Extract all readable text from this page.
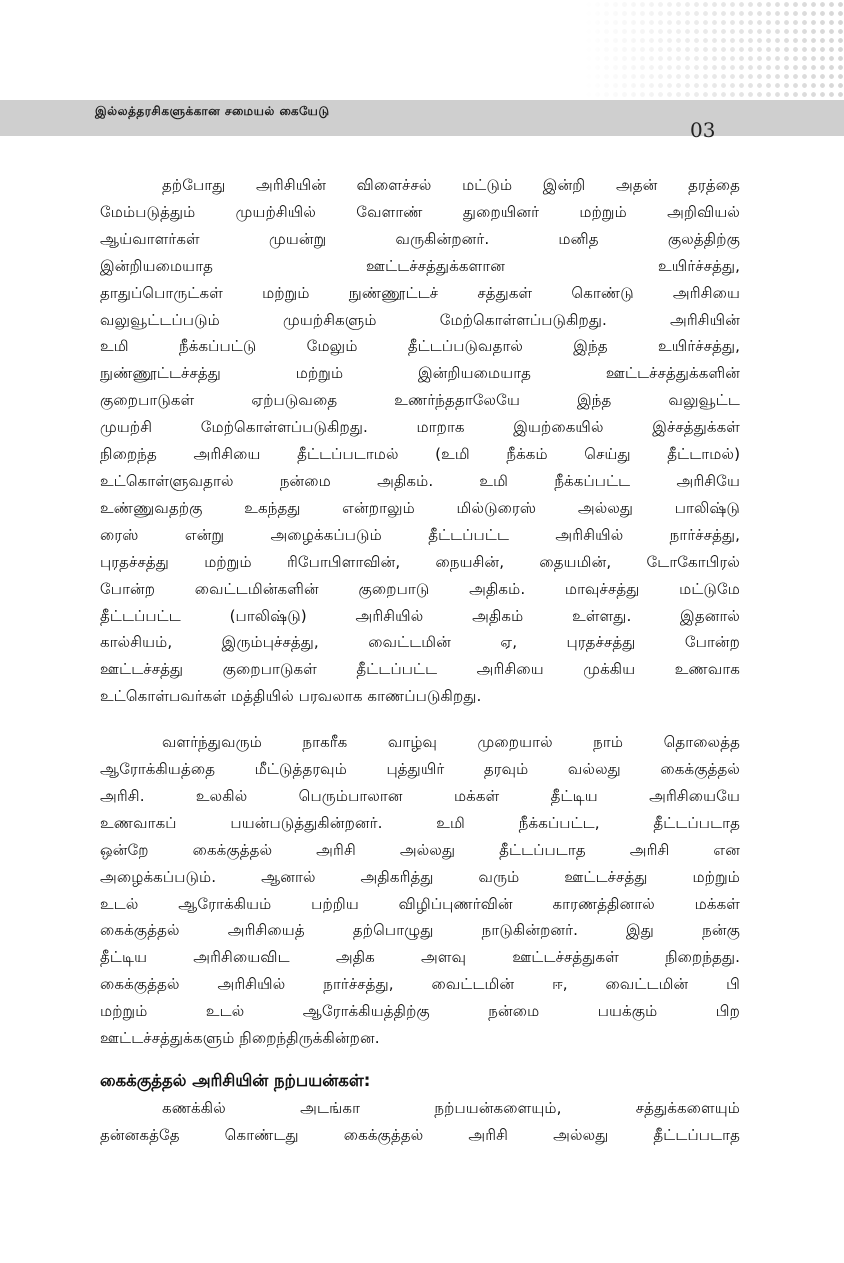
இல்லத்தரசிகளுக்கான சமையல் கையேடு
03

தற்போது அரிசியின் விளைச்சல் மட்டும் இன்றி அதன் தரத்தை

மேம்படுத்தும் முயற்சியில் வேளாண் துறையினர் மற்றும் அறிவியல்

ஆய்வாளர்கள் முயன்று வருகின்றனர். மனித குலத்திற்கு

இன்றியமையாத ஊட்டச்சத்துக்களான உயிர்ச்சத்து,

தாதுப்பொருட்கள் மற்றும் நுண்ணூட்டச் சத்துகள் கொண்டு அரிசியை

வலுவூட்டப்படும் முயற்சிகளும் மேற்கொள்ளப்படுகிறது. அரிசியின்

உமி நீக்கப்பட்டு மேலும் தீட்டப்படுவதால் இந்த உயிர்ச்சத்து,

நுண்ணூட்டச்சத்து மற்றும் இன்றியமையாத ஊட்டச்சத்துக்களின்

குறைபாடுகள் ஏற்படுவதை உணர்ந்ததாலேயே இந்த வலுவூட்ட

முயற்சி மேற்கொள்ளப்படுகிறது. மாறாக இயற்கையில் இச்சத்துக்கள்

நிறைந்த அரிசியை தீட்டப்படாமல் (உமி நீக்கம் செய்து தீட்டாமல்)

உட்கொள்ளுவதால் நன்மை அதிகம். உமி நீக்கப்பட்ட அரிசியே

உண்ணுவதற்கு உகந்தது என்றாலும் மில்டுரைஸ் அல்லது பாலிஷ்டு

ரைஸ் என்று அழைக்கப்படும் தீட்டப்பட்ட அரிசியில் நார்ச்சத்து,

புரதச்சத்து மற்றும் ரிபோபிளாவின், நையசின், தையமின், டோகோபிரல்

போன்ற வைட்டமின்களின் குறைபாடு அதிகம். மாவுச்சத்து மட்டுமே

தீட்டப்பட்ட (பாலிஷ்டு) அரிசியில் அதிகம் உள்ளது. இதனால்

கால்சியம், இரும்புச்சத்து, வைட்டமின் ஏ, புரதச்சத்து போன்ற

ஊட்டச்சத்து குறைபாடுகள் தீட்டப்பட்ட அரிசியை முக்கிய உணவாக

உட்கொள்பவர்கள் மத்தியில் பரவலாக காணப்படுகிறது.

வளர்ந்துவரும் நாகரீக வாழ்வு முறையால் நாம் தொலைத்த

ஆரோக்கியத்தை மீட்டுத்தரவும் புத்துயிர் தரவும் வல்லது கைக்குத்தல்

அரிசி. உலகில் பெரும்பாலான மக்கள் தீட்டிய அரிசியையே

உணவாகப் பயன்படுத்துகின்றனர். உமி நீக்கப்பட்ட, தீட்டப்படாத

ஒன்றே கைக்குத்தல் அரிசி அல்லது தீட்டப்படாத அரிசி என

அழைக்கப்படும். ஆனால் அதிகரித்து வரும் ஊட்டச்சத்து மற்றும்

உடல் ஆரோக்கியம் பற்றிய விழிப்புணர்வின் காரணத்தினால் மக்கள்

கைக்குத்தல் அரிசியைத் தற்பொழுது நாடுகின்றனர். இது நன்கு

தீட்டிய அரிசியைவிட அதிக அளவு ஊட்டச்சத்துகள் நிறைந்தது.

கைக்குத்தல் அரிசியில் நார்ச்சத்து, வைட்டமின் ஈ, வைட்டமின் பி

மற்றும் உடல் ஆரோக்கியத்திற்கு நன்மை பயக்கும் பிற

ஊட்டச்சத்துக்களும் நிறைந்திருக்கின்றன.

கைக்குத்தல் அரிசியின் நற்பயன்கள்:

கணக்கில் அடங்கா நற்பயன்களையும், சத்துக்களையும்

தன்னகத்தே கொண்டது கைக்குத்தல் அரிசி அல்லது தீட்டப்படாத
